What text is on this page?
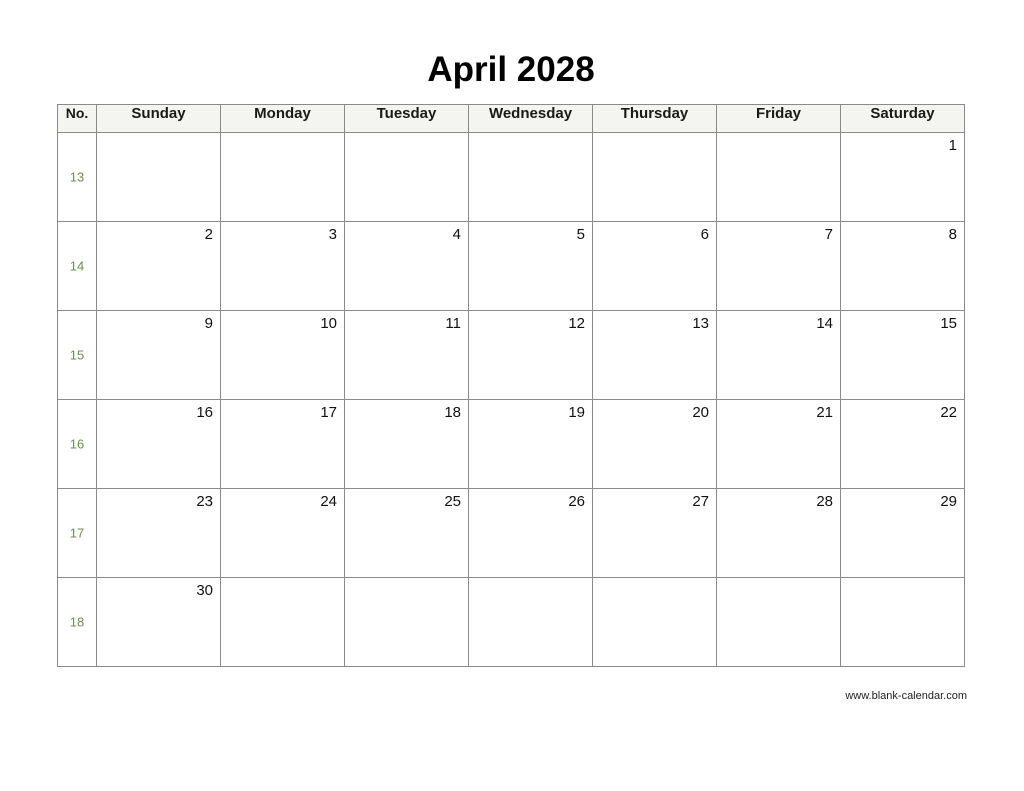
April 2028
No.	Sunday	Monday	Tuesday	Wednesday	Thursday	Friday	Saturday

13							1

14	2	3	4	5	6	7	8

15	9	10	11	12	13	14	15

16	16	17	18	19	20	21	22

17	23	24	25	26	27	28	29

18	30						

www.blank-calendar.com
